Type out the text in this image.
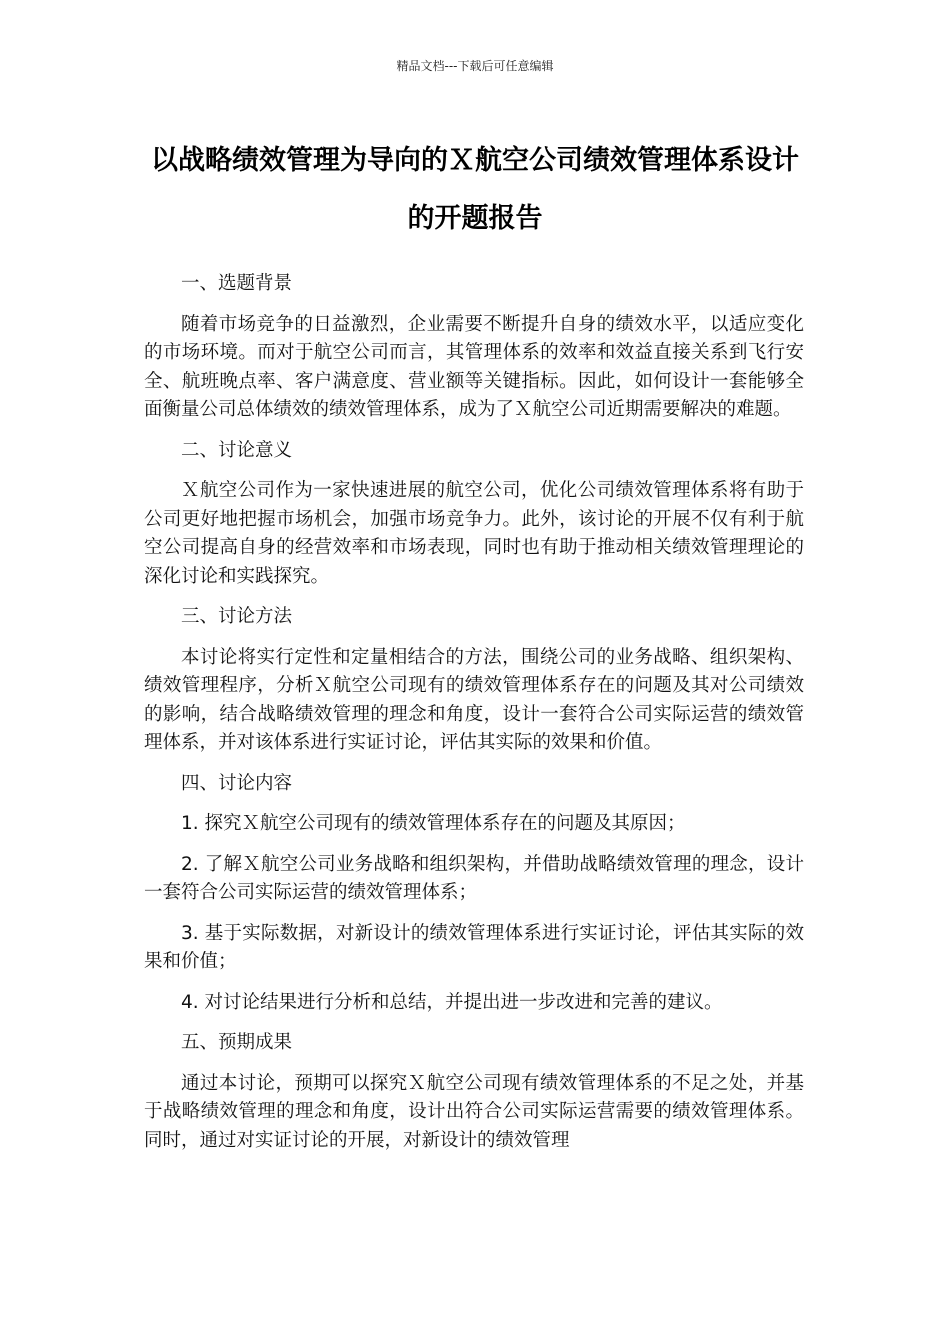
精品文档---下载后可任意编辑
以战略绩效管理为导向的Ｘ航空公司绩效管理体系设计的开题报告

一、选题背景

随着市场竞争的日益激烈，企业需要不断提升自身的绩效水平，以适应变化的市场环境。而对于航空公司而言，其管理体系的效率和效益直接关系到飞行安全、航班晚点率、客户满意度、营业额等关键指标。因此，如何设计一套能够全面衡量公司总体绩效的绩效管理体系，成为了Ｘ航空公司近期需要解决的难题。

二、讨论意义

Ｘ航空公司作为一家快速进展的航空公司，优化公司绩效管理体系将有助于公司更好地把握市场机会，加强市场竞争力。此外，该讨论的开展不仅有利于航空公司提高自身的经营效率和市场表现，同时也有助于推动相关绩效管理理论的深化讨论和实践探究。

三、讨论方法

本讨论将实行定性和定量相结合的方法，围绕公司的业务战略、组织架构、绩效管理程序，分析Ｘ航空公司现有的绩效管理体系存在的问题及其对公司绩效的影响，结合战略绩效管理的理念和角度，设计一套符合公司实际运营的绩效管理体系，并对该体系进行实证讨论，评估其实际的效果和价值。

四、讨论内容

1. 探究Ｘ航空公司现有的绩效管理体系存在的问题及其原因；

2. 了解Ｘ航空公司业务战略和组织架构，并借助战略绩效管理的理念，设计一套符合公司实际运营的绩效管理体系；

3. 基于实际数据，对新设计的绩效管理体系进行实证讨论，评估其实际的效果和价值；

4. 对讨论结果进行分析和总结，并提出进一步改进和完善的建议。

五、预期成果

通过本讨论，预期可以探究Ｘ航空公司现有绩效管理体系的不足之处，并基于战略绩效管理的理念和角度，设计出符合公司实际运营需要的绩效管理体系。同时，通过对实证讨论的开展，对新设计的绩效管理
